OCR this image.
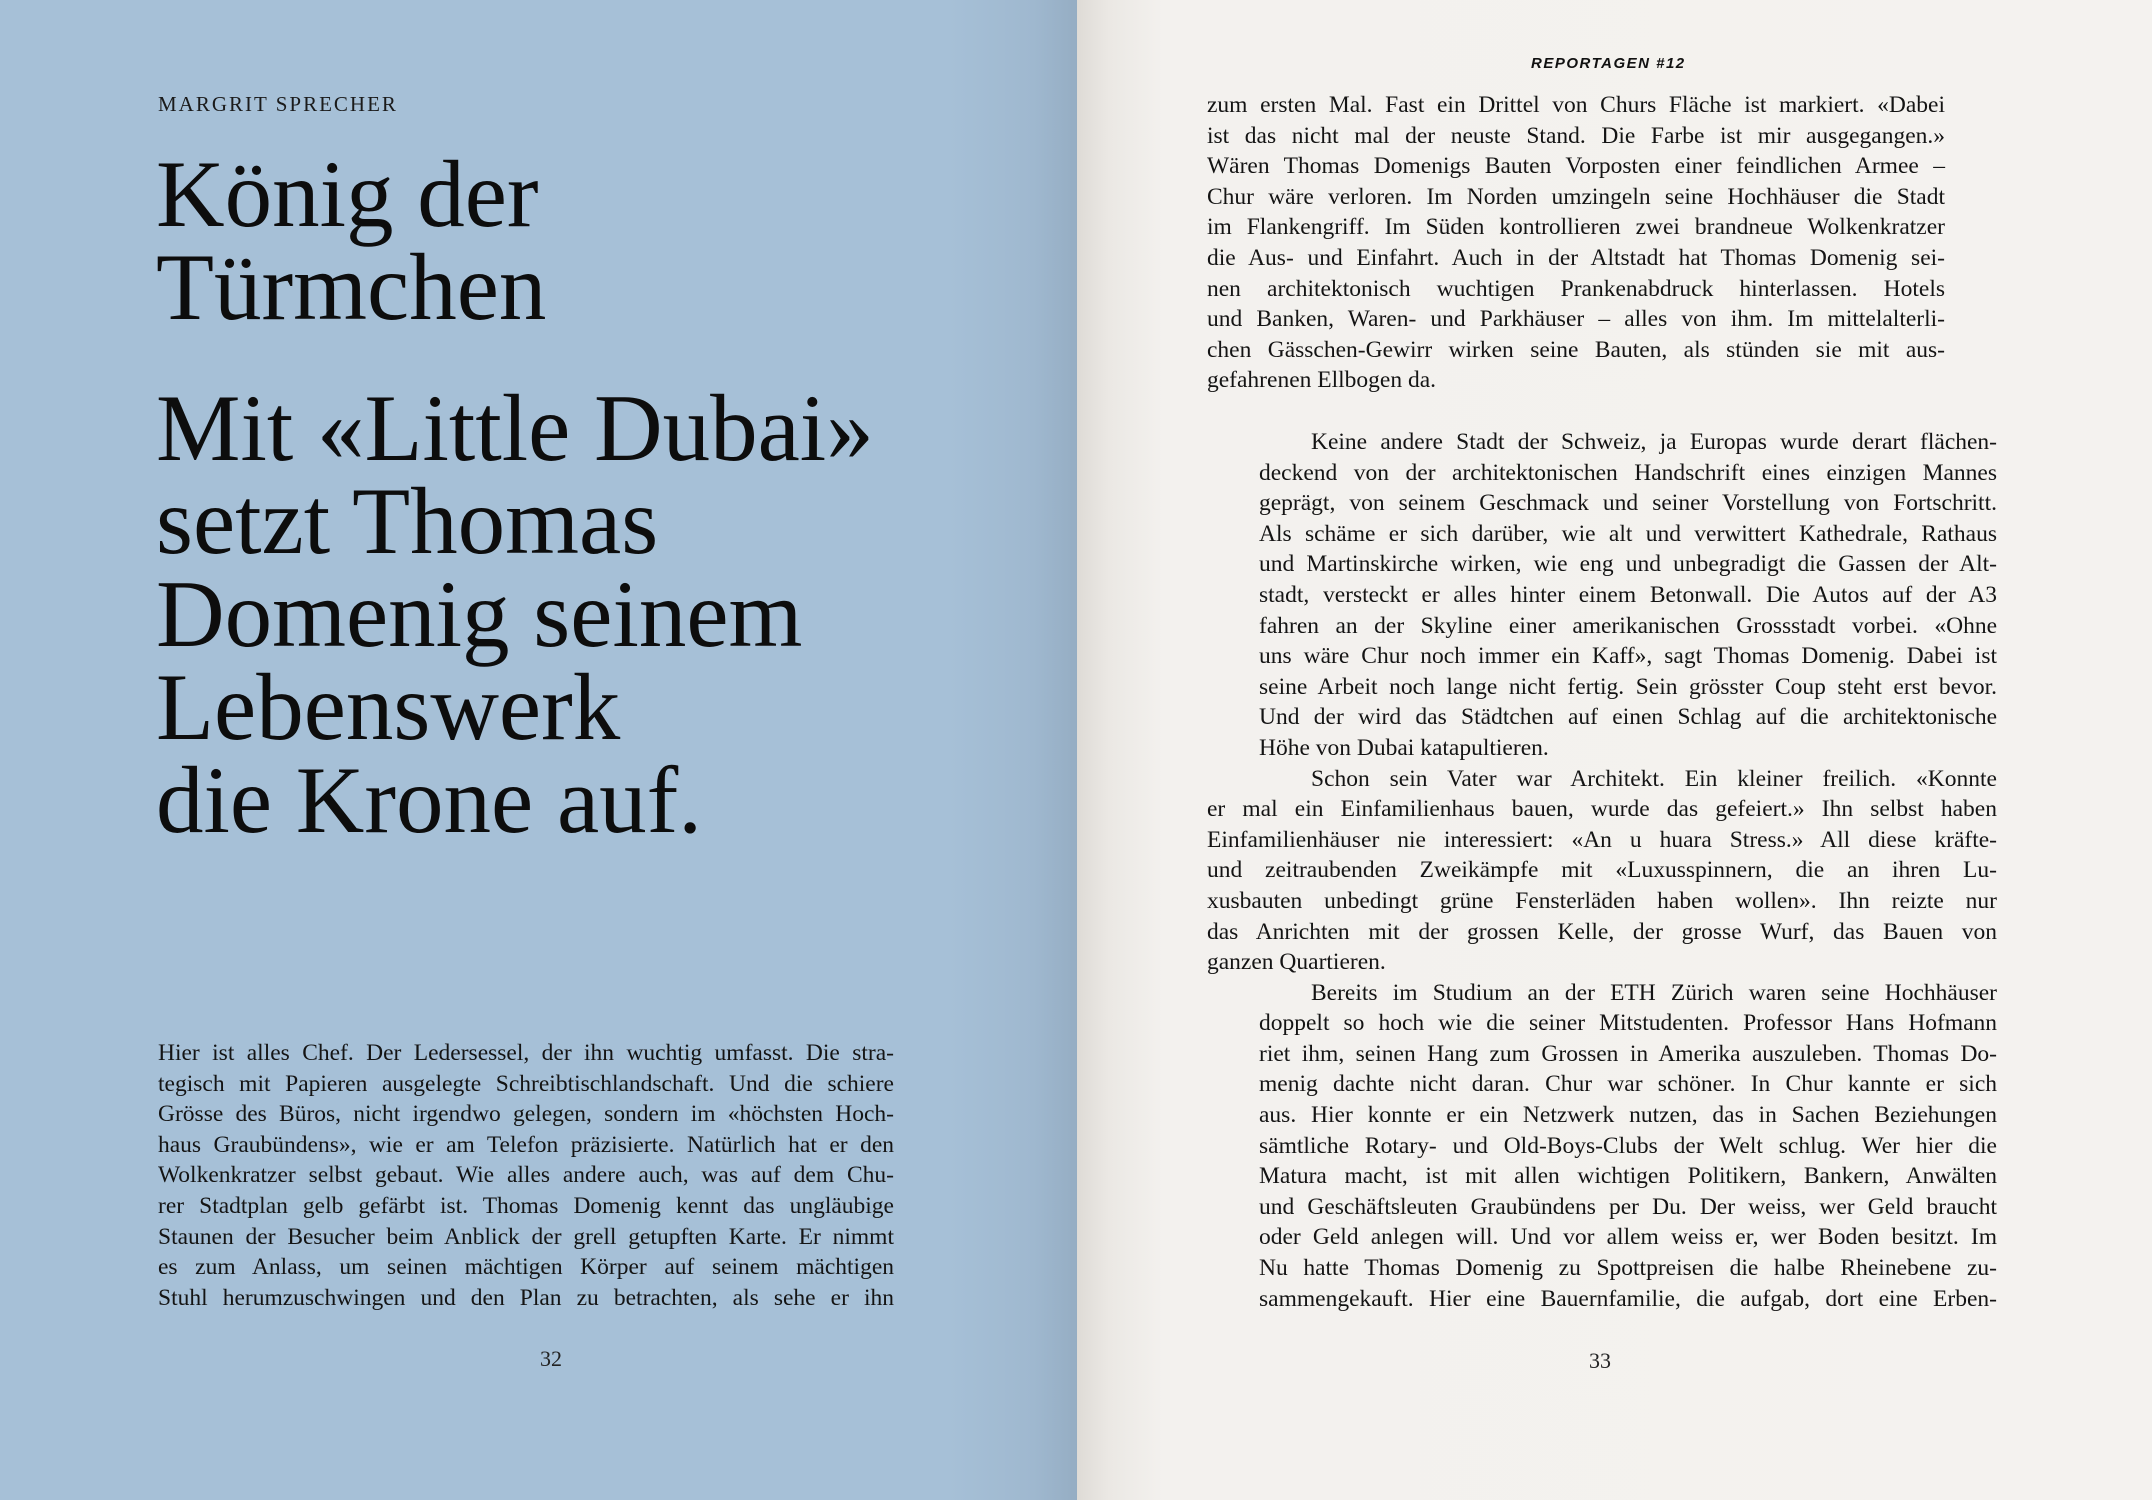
MARGRIT SPRECHER
König der
Türmchen
Mit «Little Dubai»
setzt Thomas
Domenig seinem
Lebenswerk
die Krone auf.
Hier ist alles Chef. Der Ledersessel, der ihn wuchtig umfasst. Die stra-
tegisch mit Papieren ausgelegte Schreibtischlandschaft. Und die schiere
Grösse des Büros, nicht irgendwo gelegen, sondern im «höchsten Hoch-
haus Graubündens», wie er am Telefon präzisierte. Natürlich hat er den
Wolkenkratzer selbst gebaut. Wie alles andere auch, was auf dem Chu-
rer Stadtplan gelb gefärbt ist. Thomas Domenig kennt das ungläubige
Staunen der Besucher beim Anblick der grell getupften Karte. Er nimmt
es zum Anlass, um seinen mächtigen Körper auf seinem mächtigen
Stuhl herumzuschwingen und den Plan zu betrachten, als sehe er ihn
32
REPORTAGEN #12
zum ersten Mal. Fast ein Drittel von Churs Fläche ist markiert. «Dabei
ist das nicht mal der neuste Stand. Die Farbe ist mir ausgegangen.»
Wären Thomas Domenigs Bauten Vorposten einer feindlichen Armee –
Chur wäre verloren. Im Norden umzingeln seine Hochhäuser die Stadt
im Flankengriff. Im Süden kontrollieren zwei brandneue Wolkenkratzer
die Aus- und Einfahrt. Auch in der Altstadt hat Thomas Domenig sei-
nen architektonisch wuchtigen Prankenabdruck hinterlassen. Hotels
und Banken, Waren- und Parkhäuser – alles von ihm. Im mittelalterli-
chen Gässchen-Gewirr wirken seine Bauten, als stünden sie mit aus-
gefahrenen Ellbogen da.
Keine andere Stadt der Schweiz, ja Europas wurde derart flächen-
deckend von der architektonischen Handschrift eines einzigen Mannes
geprägt, von seinem Geschmack und seiner Vorstellung von Fortschritt.
Als schäme er sich darüber, wie alt und verwittert Kathedrale, Rathaus
und Martinskirche wirken, wie eng und unbegradigt die Gassen der Alt-
stadt, versteckt er alles hinter einem Betonwall. Die Autos auf der A3
fahren an der Skyline einer amerikanischen Grossstadt vorbei. «Ohne
uns wäre Chur noch immer ein Kaff», sagt Thomas Domenig. Dabei ist
seine Arbeit noch lange nicht fertig. Sein grösster Coup steht erst bevor.
Und der wird das Städtchen auf einen Schlag auf die architektonische
Höhe von Dubai katapultieren.
Schon sein Vater war Architekt. Ein kleiner freilich. «Konnte
er mal ein Einfamilienhaus bauen, wurde das gefeiert.» Ihn selbst haben
Einfamilienhäuser nie interessiert: «An u huara Stress.» All diese kräfte-
und zeitraubenden Zweikämpfe mit «Luxusspinnern, die an ihren Lu-
xusbauten unbedingt grüne Fensterläden haben wollen». Ihn reizte nur
das Anrichten mit der grossen Kelle, der grosse Wurf, das Bauen von
ganzen Quartieren.
Bereits im Studium an der ETH Zürich waren seine Hochhäuser
doppelt so hoch wie die seiner Mitstudenten. Professor Hans Hofmann
riet ihm, seinen Hang zum Grossen in Amerika auszuleben. Thomas Do-
menig dachte nicht daran. Chur war schöner. In Chur kannte er sich
aus. Hier konnte er ein Netzwerk nutzen, das in Sachen Beziehungen
sämtliche Rotary- und Old-Boys-Clubs der Welt schlug. Wer hier die
Matura macht, ist mit allen wichtigen Politikern, Bankern, Anwälten
und Geschäftsleuten Graubündens per Du. Der weiss, wer Geld braucht
oder Geld anlegen will. Und vor allem weiss er, wer Boden besitzt. Im
Nu hatte Thomas Domenig zu Spottpreisen die halbe Rheinebene zu-
sammengekauft. Hier eine Bauernfamilie, die aufgab, dort eine Erben-
33
